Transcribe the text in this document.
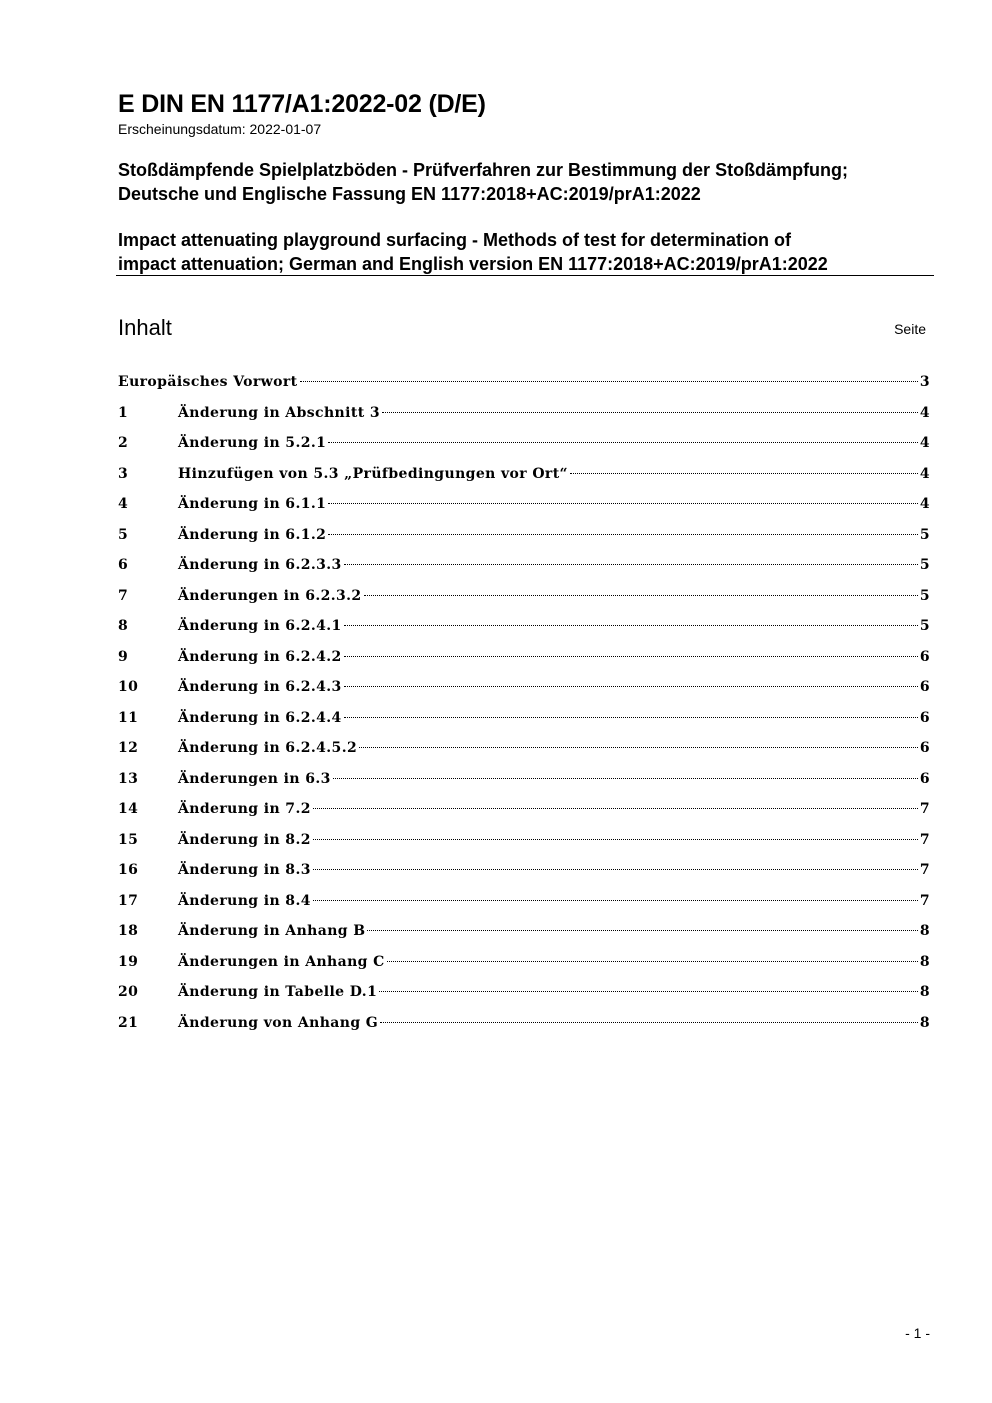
E DIN EN 1177/A1:2022-02 (D/E)
Erscheinungsdatum: 2022-01-07
Stoßdämpfende Spielplatzböden - Prüfverfahren zur Bestimmung der Stoßdämpfung;
Deutsche und Englische Fassung EN 1177:2018+AC:2019/prA1:2022
Impact attenuating playground surfacing - Methods of test for determination of
impact attenuation; German and English version EN 1177:2018+AC:2019/prA1:2022
Inhalt	Seite
Europäisches Vorwort	3
1	Änderung in Abschnitt 3	4
2	Änderung in 5.2.1	4
3	Hinzufügen von 5.3 „Prüfbedingungen vor Ort“	4
4	Änderung in 6.1.1	4
5	Änderung in 6.1.2	5
6	Änderung in 6.2.3.3	5
7	Änderungen in 6.2.3.2	5
8	Änderung in 6.2.4.1	5
9	Änderung in 6.2.4.2	6
10	Änderung in 6.2.4.3	6
11	Änderung in 6.2.4.4	6
12	Änderung in 6.2.4.5.2	6
13	Änderungen in 6.3	6
14	Änderung in 7.2	7
15	Änderung in 8.2	7
16	Änderung in 8.3	7
17	Änderung in 8.4	7
18	Änderung in Anhang B	8
19	Änderungen in Anhang C	8
20	Änderung in Tabelle D.1	8
21	Änderung von Anhang G	8
- 1 -
